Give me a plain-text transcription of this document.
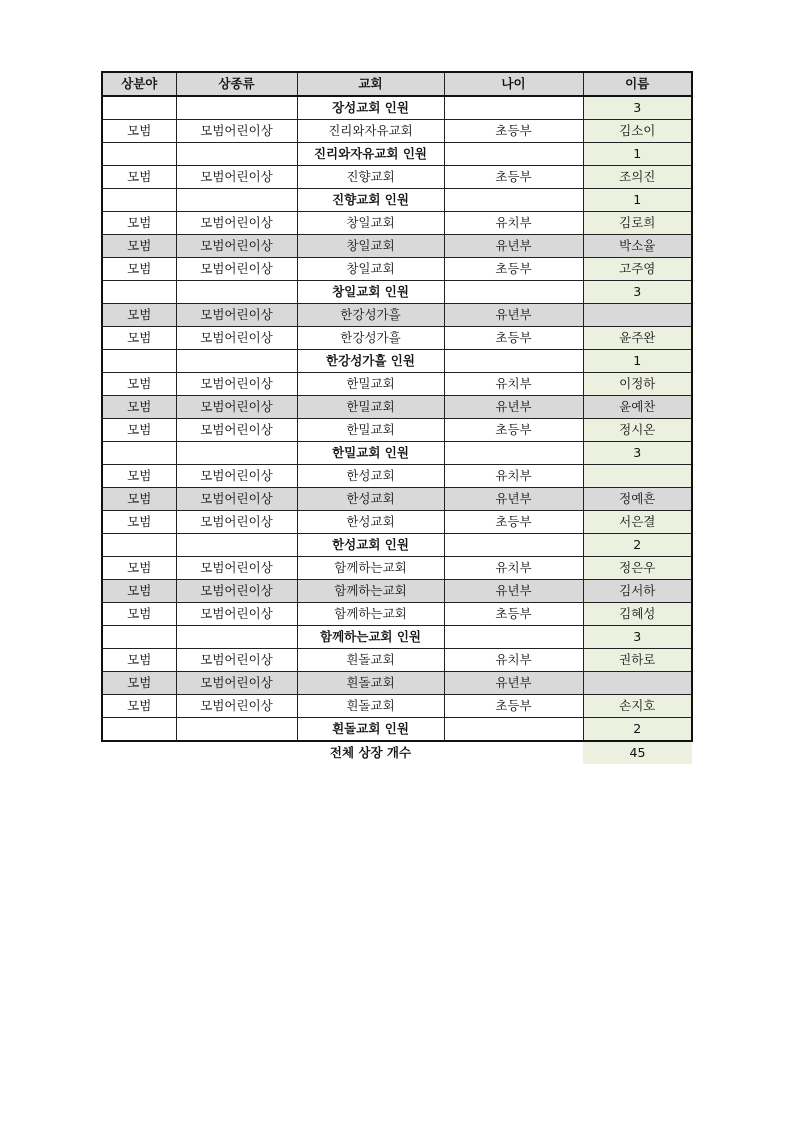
상분야	상종류	교회	나이	이름
		장성교회 인원		3
모범	모범어린이상	진리와자유교회	초등부	김소이
		진리와자유교회 인원		1
모범	모범어린이상	진향교회	초등부	조의진
		진향교회 인원		1
모범	모범어린이상	창일교회	유치부	김로희
모범	모범어린이상	창일교회	유년부	박소율
모범	모범어린이상	창일교회	초등부	고주영
		창일교회 인원		3
모범	모범어린이상	한강성가흘	유년부	
모범	모범어린이상	한강성가흘	초등부	윤주완
		한강성가흘 인원		1
모범	모범어린이상	한밀교회	유치부	이정하
모범	모범어린이상	한밀교회	유년부	윤예찬
모범	모범어린이상	한밀교회	초등부	정시온
		한밀교회 인원		3
모범	모범어린이상	한성교회	유치부	
모범	모범어린이상	한성교회	유년부	정예흔
모범	모범어린이상	한성교회	초등부	서은결
		한성교회 인원		2
모범	모범어린이상	함께하는교회	유치부	정은우
모범	모범어린이상	함께하는교회	유년부	김서하
모범	모범어린이상	함께하는교회	초등부	김혜성
		함께하는교회 인원		3
모범	모범어린이상	흰돌교회	유치부	권하로
모범	모범어린이상	흰돌교회	유년부	
모범	모범어린이상	흰돌교회	초등부	손지호
		흰돌교회 인원		2
		전체 상장 개수		45
